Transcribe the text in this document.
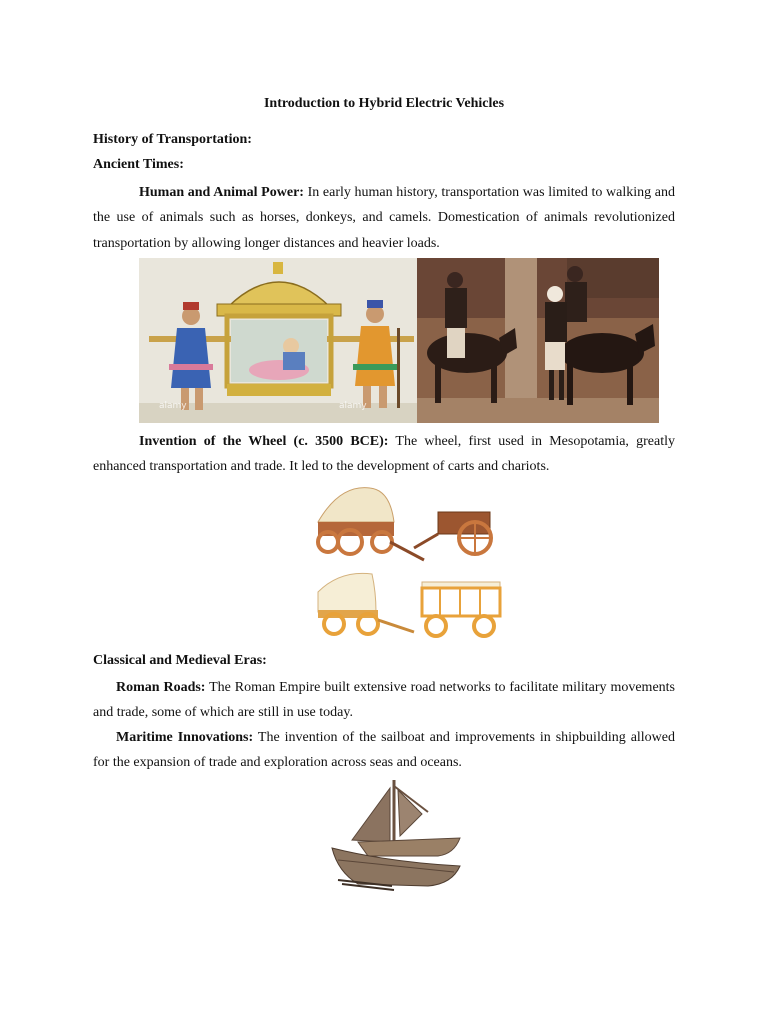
Introduction to Hybrid Electric Vehicles
History of Transportation:
Ancient Times:
Human and Animal Power: In early human history, transportation was limited to walking and the use of animals such as horses, donkeys, and camels. Domestication of animals revolutionized transportation by allowing longer distances and heavier loads.
alamy	alamy
Invention of the Wheel (c. 3500 BCE): The wheel, first used in Mesopotamia, greatly enhanced transportation and trade. It led to the development of carts and chariots.
Classical and Medieval Eras:
Roman Roads: The Roman Empire built extensive road networks to facilitate military movements and trade, some of which are still in use today.
Maritime Innovations: The invention of the sailboat and improvements in shipbuilding allowed for the expansion of trade and exploration across seas and oceans.
